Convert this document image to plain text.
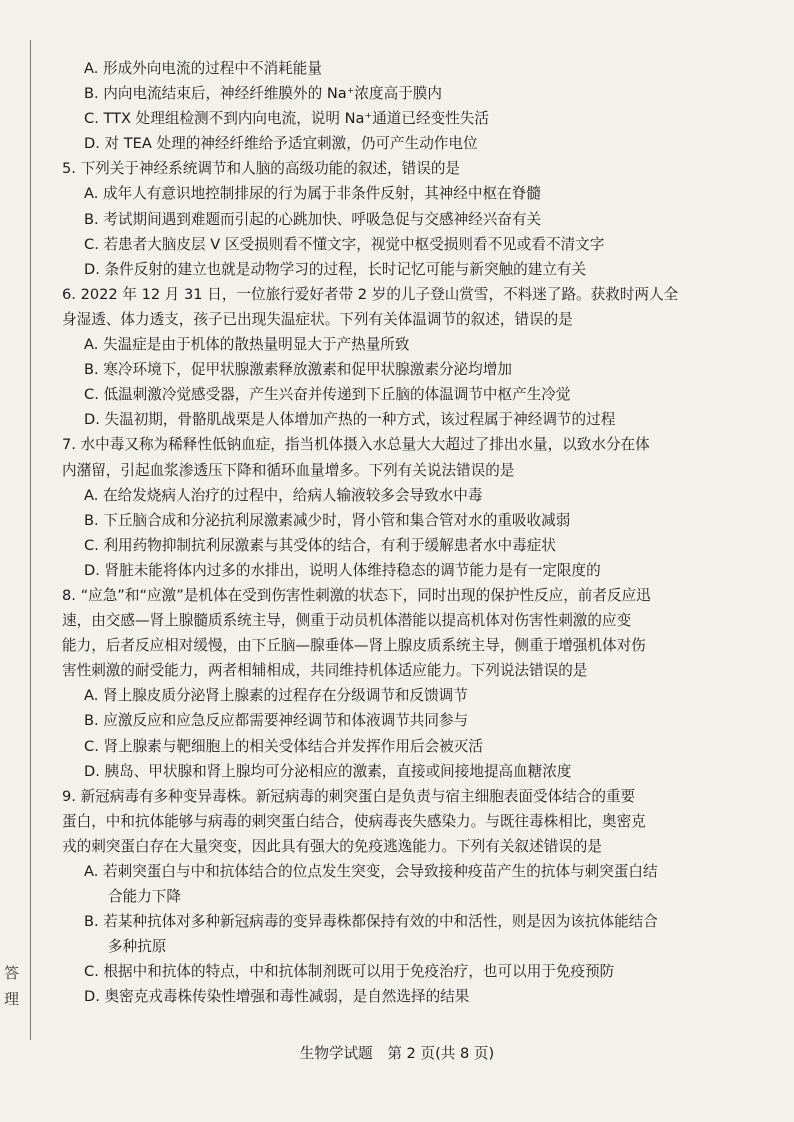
答
理
A. 形成外向电流的过程中不消耗能量
B. 内向电流结束后，神经纤维膜外的 Na⁺浓度高于膜内
C. TTX 处理组检测不到内向电流，说明 Na⁺通道已经变性失活
D. 对 TEA 处理的神经纤维给予适宜刺激，仍可产生动作电位
5. 下列关于神经系统调节和人脑的高级功能的叙述，错误的是
A. 成年人有意识地控制排尿的行为属于非条件反射，其神经中枢在脊髓
B. 考试期间遇到难题而引起的心跳加快、呼吸急促与交感神经兴奋有关
C. 若患者大脑皮层 V 区受损则看不懂文字，视觉中枢受损则看不见或看不清文字
D. 条件反射的建立也就是动物学习的过程，长时记忆可能与新突触的建立有关
6. 2022 年 12 月 31 日，一位旅行爱好者带 2 岁的儿子登山赏雪，不料迷了路。获救时两人全
身湿透、体力透支，孩子已出现失温症状。下列有关体温调节的叙述，错误的是
A. 失温症是由于机体的散热量明显大于产热量所致
B. 寒冷环境下，促甲状腺激素释放激素和促甲状腺激素分泌均增加
C. 低温刺激冷觉感受器，产生兴奋并传递到下丘脑的体温调节中枢产生冷觉
D. 失温初期，骨骼肌战栗是人体增加产热的一种方式，该过程属于神经调节的过程
7. 水中毒又称为稀释性低钠血症，指当机体摄入水总量大大超过了排出水量，以致水分在体
内潴留，引起血浆渗透压下降和循环血量增多。下列有关说法错误的是
A. 在给发烧病人治疗的过程中，给病人输液较多会导致水中毒
B. 下丘脑合成和分泌抗利尿激素减少时，肾小管和集合管对水的重吸收减弱
C. 利用药物抑制抗利尿激素与其受体的结合，有利于缓解患者水中毒症状
D. 肾脏未能将体内过多的水排出，说明人体维持稳态的调节能力是有一定限度的
8. “应急”和“应激”是机体在受到伤害性刺激的状态下，同时出现的保护性反应，前者反应迅
速，由交感—肾上腺髓质系统主导，侧重于动员机体潜能以提高机体对伤害性刺激的应变
能力，后者反应相对缓慢，由下丘脑—腺垂体—肾上腺皮质系统主导，侧重于增强机体对伤
害性刺激的耐受能力，两者相辅相成，共同维持机体适应能力。下列说法错误的是
A. 肾上腺皮质分泌肾上腺素的过程存在分级调节和反馈调节
B. 应激反应和应急反应都需要神经调节和体液调节共同参与
C. 肾上腺素与靶细胞上的相关受体结合并发挥作用后会被灭活
D. 胰岛、甲状腺和肾上腺均可分泌相应的激素，直接或间接地提高血糖浓度
9. 新冠病毒有多种变异毒株。新冠病毒的刺突蛋白是负责与宿主细胞表面受体结合的重要
蛋白，中和抗体能够与病毒的刺突蛋白结合，使病毒丧失感染力。与既往毒株相比，奥密克
戎的刺突蛋白存在大量突变，因此具有强大的免疫逃逸能力。下列有关叙述错误的是
A. 若刺突蛋白与中和抗体结合的位点发生突变，会导致接种疫苗产生的抗体与刺突蛋白结
合能力下降
B. 若某种抗体对多种新冠病毒的变异毒株都保持有效的中和活性，则是因为该抗体能结合
多种抗原
C. 根据中和抗体的特点，中和抗体制剂既可以用于免疫治疗，也可以用于免疫预防
D. 奥密克戎毒株传染性增强和毒性减弱，是自然选择的结果
生物学试题　第 2 页(共 8 页)
